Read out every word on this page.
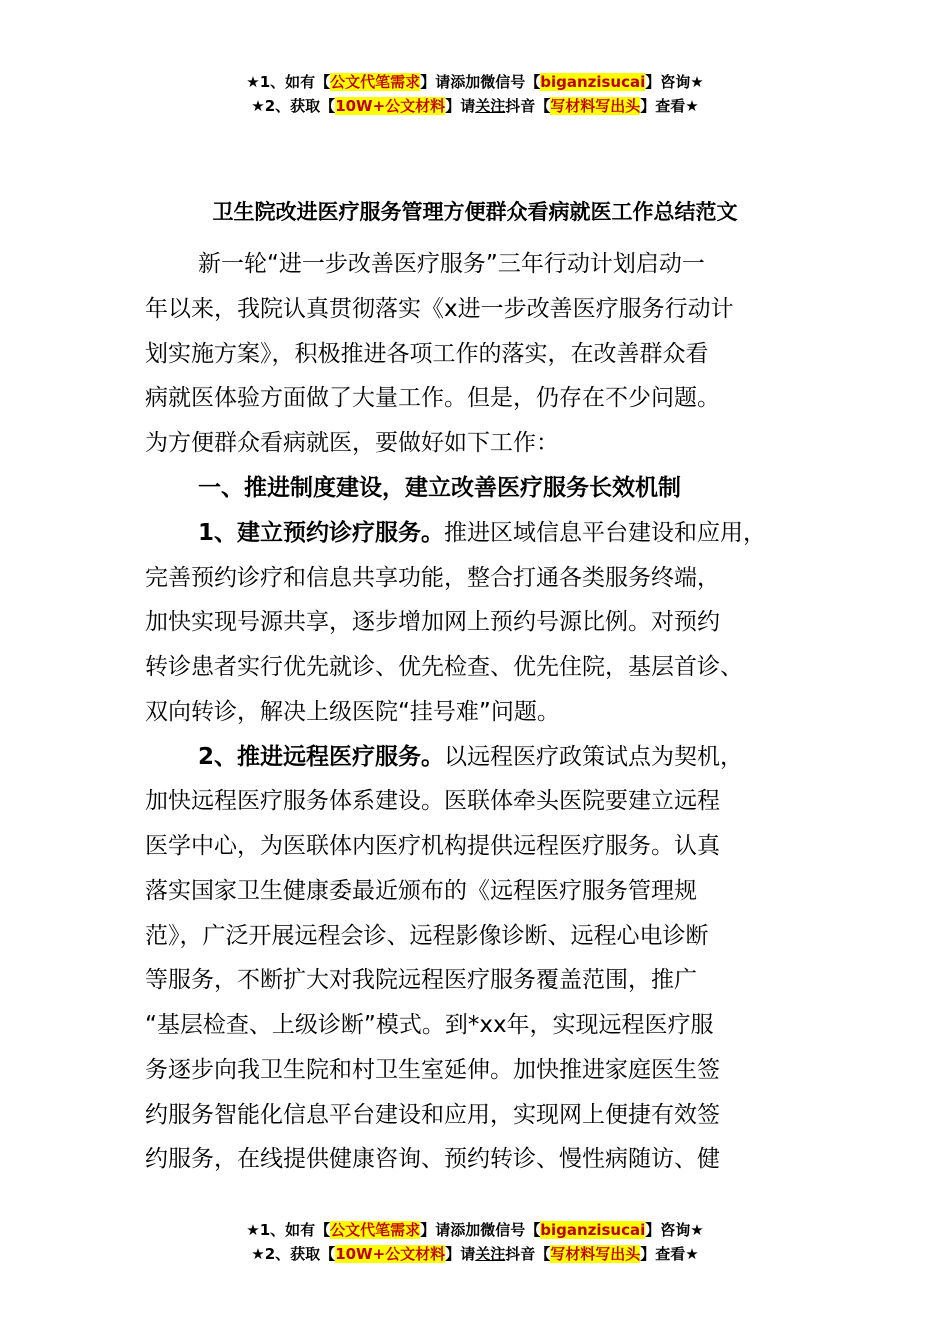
★1、如有【公文代笔需求】请添加微信号【biganzisucai】咨询★
★2、获取【10W+公文材料】请关注抖音【写材料写出头】查看★
卫生院改进医疗服务管理方便群众看病就医工作总结范文
新一轮“进一步改善医疗服务”三年行动计划启动一
年以来，我院认真贯彻落实《x进一步改善医疗服务行动计
划实施方案》，积极推进各项工作的落实，在改善群众看
病就医体验方面做了大量工作。但是，仍存在不少问题。
为方便群众看病就医，要做好如下工作：
一、推进制度建设，建立改善医疗服务长效机制
1、建立预约诊疗服务。推进区域信息平台建设和应用，
完善预约诊疗和信息共享功能，整合打通各类服务终端，
加快实现号源共享，逐步增加网上预约号源比例。对预约
转诊患者实行优先就诊、优先检查、优先住院，基层首诊、
双向转诊，解决上级医院“挂号难”问题。
2、推进远程医疗服务。以远程医疗政策试点为契机，
加快远程医疗服务体系建设。医联体牵头医院要建立远程
医学中心，为医联体内医疗机构提供远程医疗服务。认真
落实国家卫生健康委最近颁布的《远程医疗服务管理规
范》，广泛开展远程会诊、远程影像诊断、远程心电诊断
等服务，不断扩大对我院远程医疗服务覆盖范围，推广
“基层检查、上级诊断”模式。到*xx年，实现远程医疗服
务逐步向我卫生院和村卫生室延伸。加快推进家庭医生签
约服务智能化信息平台建设和应用，实现网上便捷有效签
约服务，在线提供健康咨询、预约转诊、慢性病随访、健
★1、如有【公文代笔需求】请添加微信号【biganzisucai】咨询★
★2、获取【10W+公文材料】请关注抖音【写材料写出头】查看★
